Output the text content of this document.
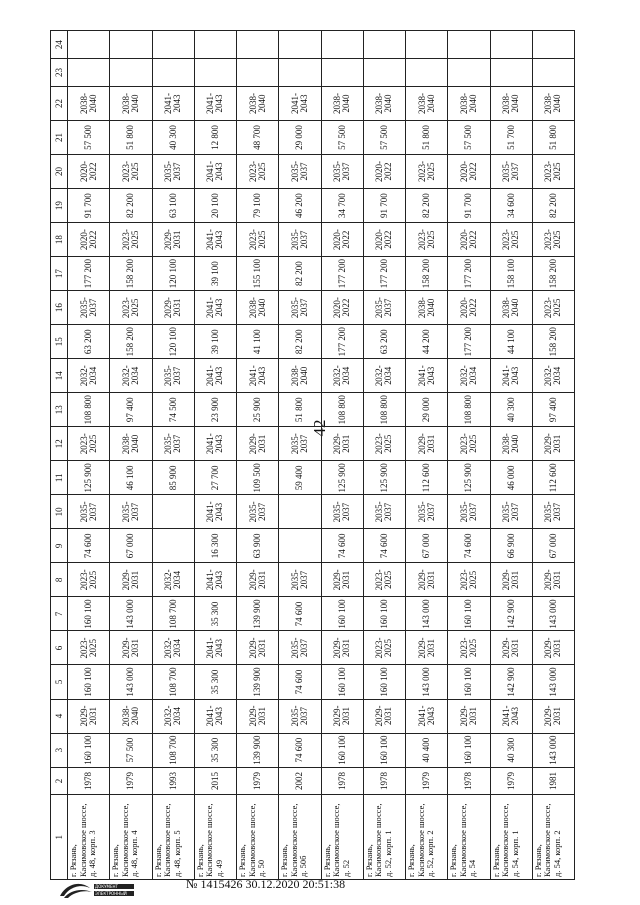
42
1	2	3	4	5	6	7	8	9	10	11	12	13	14	15	16	17	18	19	20	21	22	23	24
г. Рязань, Касимовское шоссе, д. 48, корп. 3	1978	160 100	2029-2031	160 100	2023-2025	160 100	2023-2025	74 600	2035-2037	125 900	2023-2025	108 800	2032-2034	63 200	2035-2037	177 200	2020-2022	91 700	2020-2022	57 500	2038-2040		
г. Рязань, Касимовское шоссе, д. 48, корп. 4	1979	57 500	2038-2040	143 000	2029-2031	143 000	2029-2031	67 000	2035-2037	46 100	2038-2040	97 400	2032-2034	158 200	2023-2025	158 200	2023-2025	82 200	2023-2025	51 800	2038-2040		
г. Рязань, Касимовское шоссе, д. 48, корп. 5	1993	108 700	2032-2034	108 700	2032-2034	108 700	2032-2034			85 900	2035-2037	74 500	2035-2037	120 100	2029-2031	120 100	2029-2031	63 100	2035-2037	40 300	2041-2043		
г. Рязань, Касимовское шоссе, д. 49	2015	35 300	2041-2043	35 300	2041-2043	35 300	2041-2043	16 300	2041-2043	27 700	2041-2043	23 900	2041-2043	39 100	2041-2043	39 100	2041-2043	20 100	2041-2043	12 800	2041-2043		
г. Рязань, Касимовское шоссе, д. 50	1979	139 900	2029-2031	139 900	2029-2031	139 900	2029-2031	63 900	2035-2037	109 500	2029-2031	25 900	2041-2043	41 100	2038-2040	155 100	2023-2025	79 100	2023-2025	48 700	2038-2040		
г. Рязань, Касимовское шоссе, д. 50б	2002	74 600	2035-2037	74 600	2035-2037	74 600	2035-2037			59 400	2035-2037	51 800	2038-2040	82 200	2035-2037	82 200	2035-2037	46 200	2035-2037	29 000	2041-2043		
г. Рязань, Касимовское шоссе, д. 52	1978	160 100	2029-2031	160 100	2029-2031	160 100	2029-2031	74 600	2035-2037	125 900	2029-2031	108 800	2032-2034	177 200	2020-2022	177 200	2020-2022	34 700	2035-2037	57 500	2038-2040		
г. Рязань, Касимовское шоссе, д. 52, корп. 1	1978	160 100	2029-2031	160 100	2023-2025	160 100	2023-2025	74 600	2035-2037	125 900	2023-2025	108 800	2032-2034	63 200	2035-2037	177 200	2020-2022	91 700	2020-2022	57 500	2038-2040		
г. Рязань, Касимовское шоссе, д. 52, корп. 2	1979	40 400	2041-2043	143 000	2029-2031	143 000	2029-2031	67 000	2035-2037	112 600	2029-2031	29 000	2041-2043	44 200	2038-2040	158 200	2023-2025	82 200	2023-2025	51 800	2038-2040		
г. Рязань, Касимовское шоссе, д. 54	1978	160 100	2029-2031	160 100	2023-2025	160 100	2023-2025	74 600	2035-2037	125 900	2023-2025	108 800	2032-2034	177 200	2020-2022	177 200	2020-2022	91 700	2020-2022	57 500	2038-2040		
г. Рязань, Касимовское шоссе, д. 54, корп. 1	1979	40 300	2041-2043	142 900	2029-2031	142 900	2029-2031	66 900	2035-2037	46 000	2038-2040	40 300	2041-2043	44 100	2038-2040	158 100	2023-2025	34 600	2035-2037	51 700	2038-2040		
г. Рязань, Касимовское шоссе, д. 54, корп. 2	1981	143 000	2029-2031	143 000	2029-2031	143 000	2029-2031	67 000	2035-2037	112 600	2029-2031	97 400	2032-2034	158 200	2023-2025	158 200	2023-2025	82 200	2023-2025	51 800	2038-2040		
ДОКУМЕНТ
ЭЛЕКТРОННЫЙ
№ 1415426 30.12.2020 20:51:38
